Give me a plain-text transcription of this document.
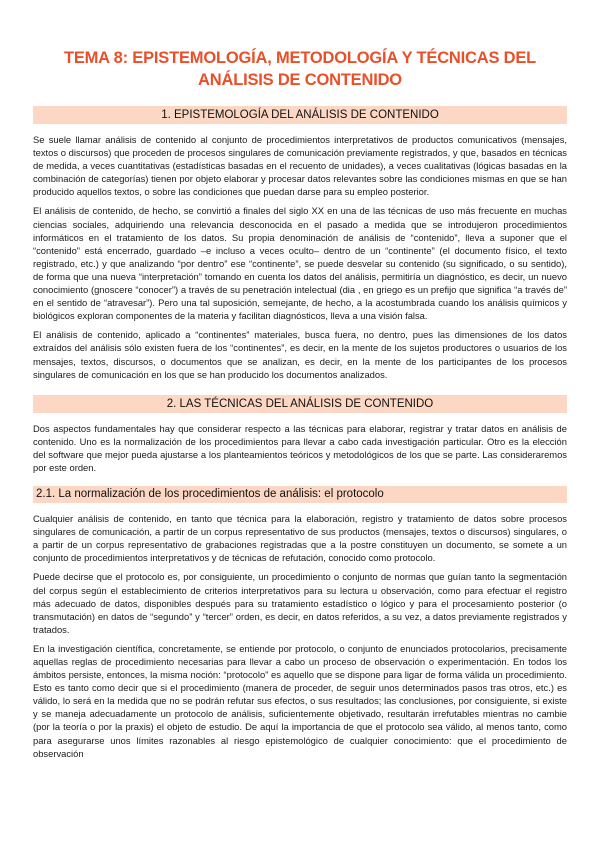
TEMA 8: EPISTEMOLOGÍA, METODOLOGÍA Y TÉCNICAS DEL ANÁLISIS DE CONTENIDO
1. EPISTEMOLOGÍA DEL ANÁLISIS DE CONTENIDO

Se suele llamar análisis de contenido al conjunto de procedimientos interpretativos de productos comunicativos (mensajes, textos o discursos) que proceden de procesos singulares de comunicación previamente registrados, y que, basados en técnicas de medida, a veces cuantitativas (estadísticas basadas en el recuento de unidades), a veces cualitativas (lógicas basadas en la combinación de categorías) tienen por objeto elaborar y procesar datos relevantes sobre las condiciones mismas en que se han producido aquellos textos, o sobre las condiciones que puedan darse para su empleo posterior.

El análisis de contenido, de hecho, se convirtió a finales del siglo XX en una de las técnicas de uso más frecuente en muchas ciencias sociales, adquiriendo una relevancia desconocida en el pasado a medida que se introdujeron procedimientos informáticos en el tratamiento de los datos. Su propia denominación de análisis de “contenido”, lleva a suponer que el “contenido” está encerrado, guardado –e incluso a veces oculto– dentro de un “continente” (el documento físico, el texto registrado, etc.) y que analizando “por dentro” ese “continente”, se puede desvelar su contenido (su significado, o su sentido), de forma que una nueva “interpretación” tomando en cuenta los datos del análisis, permitiría un diagnóstico, es decir, un nuevo conocimiento (gnoscere “conocer”) a través de su penetración intelectual (dia , en griego es un prefijo que significa “a través de” en el sentido de “atravesar”). Pero una tal suposición, semejante, de hecho, a la acostumbrada cuando los análisis químicos y biológicos exploran componentes de la materia y facilitan diagnósticos, lleva a una visión falsa.

El análisis de contenido, aplicado a “continentes” materiales, busca fuera, no dentro, pues las dimensiones de los datos extraídos del análisis sólo existen fuera de los “continentes”, es decir, en la mente de los sujetos productores o usuarios de los mensajes, textos, discursos, o documentos que se analizan, es decir, en la mente de los participantes de los procesos singulares de comunicación en los que se han producido los documentos analizados.

2. LAS TÉCNICAS DEL ANÁLISIS DE CONTENIDO

Dos aspectos fundamentales hay que considerar respecto a las técnicas para elaborar, registrar y tratar datos en análisis de contenido. Uno es la normalización de los procedimientos para llevar a cabo cada investigación particular. Otro es la elección del software que mejor pueda ajustarse a los planteamientos teóricos y metodológicos de los que se parte. Las consideraremos por este orden.

2.1. La normalización de los procedimientos de análisis: el protocolo

Cualquier análisis de contenido, en tanto que técnica para la elaboración, registro y tratamiento de datos sobre procesos singulares de comunicación, a partir de un corpus representativo de sus productos (mensajes, textos o discursos) singulares, o a partir de un corpus representativo de grabaciones registradas que a la postre constituyen un documento, se somete a un conjunto de procedimientos interpretativos y de técnicas de refutación, conocido como protocolo.

Puede decirse que el protocolo es, por consiguiente, un procedimiento o conjunto de normas que guían tanto la segmentación del corpus según el establecimiento de criterios interpretativos para su lectura u observación, como para efectuar el registro más adecuado de datos, disponibles después para su tratamiento estadístico o lógico y para el procesamiento posterior (o transmutación) en datos de “segundo” y “tercer” orden, es decir, en datos referidos, a su vez, a datos previamente registrados y tratados.

En la investigación científica, concretamente, se entiende por protocolo, o conjunto de enunciados protocolarios, precisamente aquellas reglas de procedimiento necesarias para llevar a cabo un proceso de observación o experimentación. En todos los ámbitos persiste, entonces, la misma noción: “protocolo” es aquello que se dispone para ligar de forma válida un procedimiento. Esto es tanto como decir que si el procedimiento (manera de proceder, de seguir unos determinados pasos tras otros, etc.) es válido, lo será en la medida que no se podrán refutar sus efectos, o sus resultados; las conclusiones, por consiguiente, si existe y se maneja adecuadamente un protocolo de análisis, suficientemente objetivado, resultarán irrefutables mientras no cambie (por la teoría o por la praxis) el objeto de estudio. De aquí la importancia de que el protocolo sea válido, al menos tanto, como para asegurarse unos límites razonables al riesgo epistemológico de cualquier conocimiento: que el procedimiento de observación
